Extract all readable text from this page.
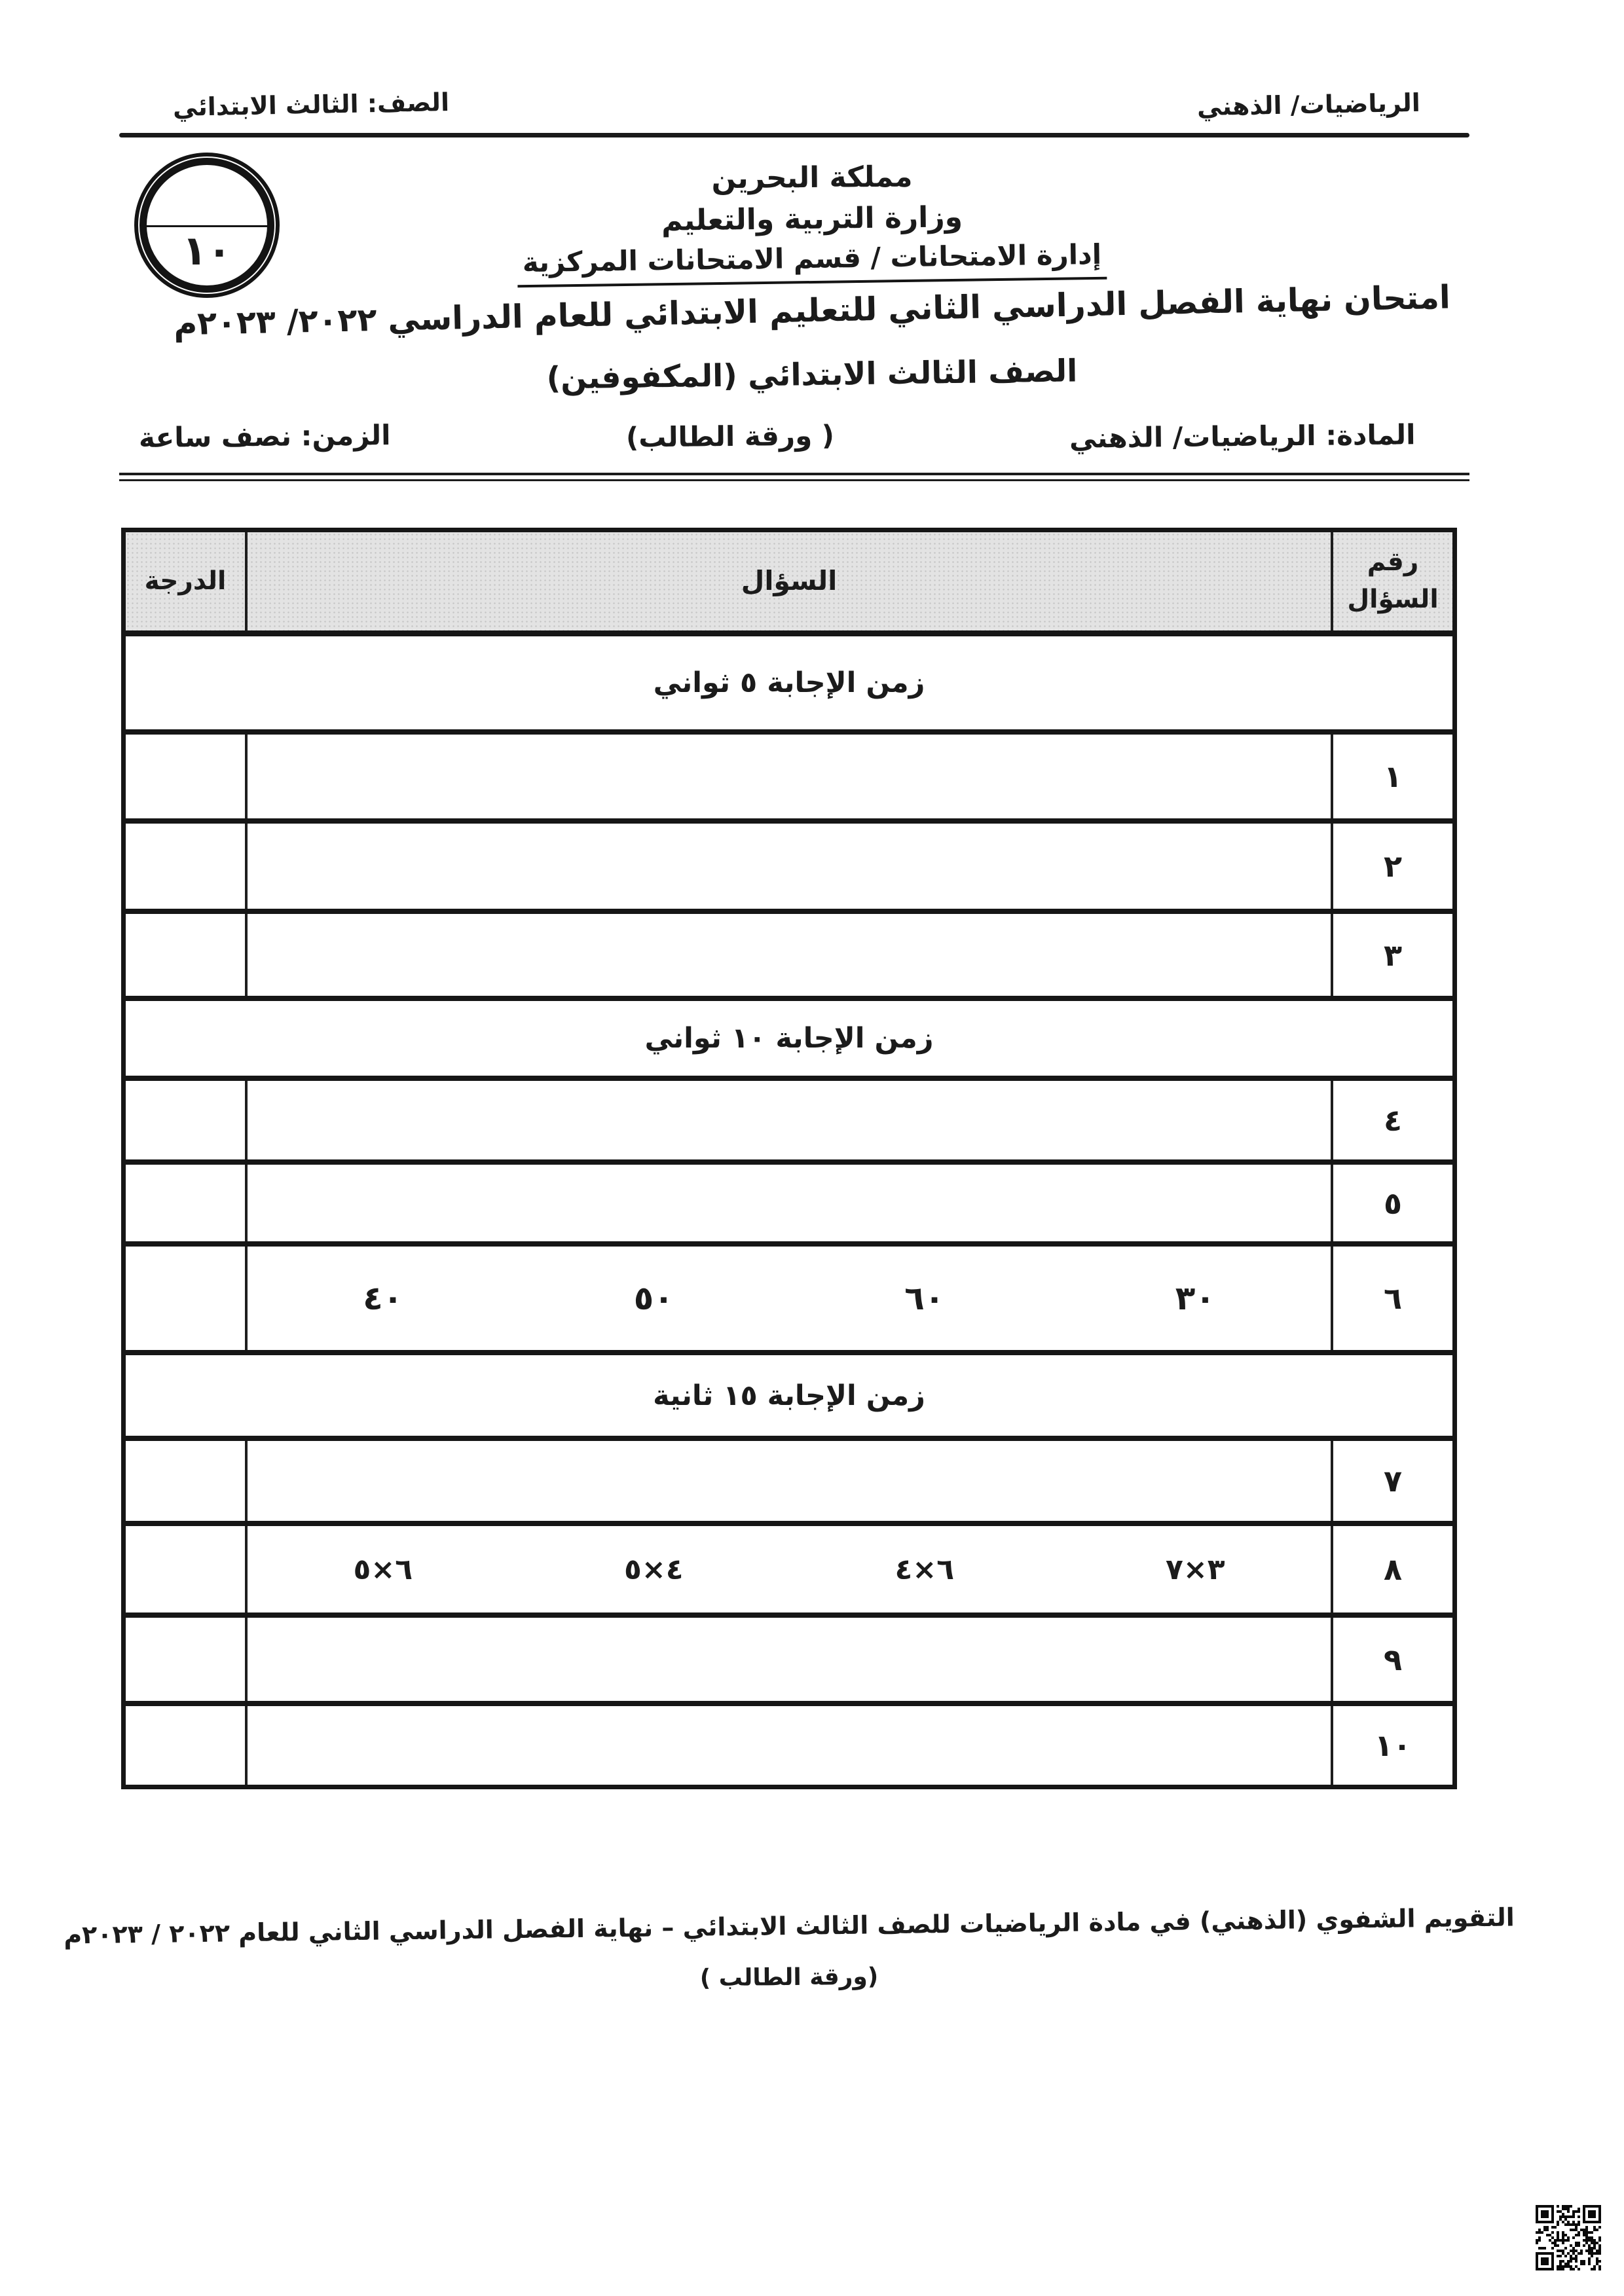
الرياضيات/ الذهني
الصف: الثالث الابتدائي
١٠
مملكة البحرين
وزارة التربية والتعليم
إدارة الامتحانات / قسم الامتحانات المركزية
امتحان نهاية الفصل الدراسي الثاني للتعليم الابتدائي للعام الدراسي ٢٠٢٢/ ٢٠٢٣م
الصف الثالث الابتدائي (المكفوفين)
المادة: الرياضيات/ الذهني
( ورقة الطالب)
الزمن: نصف ساعة
رقم
السؤال
السؤال
الدرجة
زمن الإجابة ٥ ثواني
١
٢
٣
زمن الإجابة ١٠ ثواني
٤
٥
٦
٣٠
٦٠
٥٠
٤٠
زمن الإجابة ١٥ ثانية
٧
٨
٣×٧
٦×٤
٤×٥
٦×٥
٩
١٠
التقويم الشفوي (الذهني) في مادة الرياضيات للصف الثالث الابتدائي – نهاية الفصل الدراسي الثاني للعام ٢٠٢٢ / ٢٠٢٣م
(ورقة الطالب )
